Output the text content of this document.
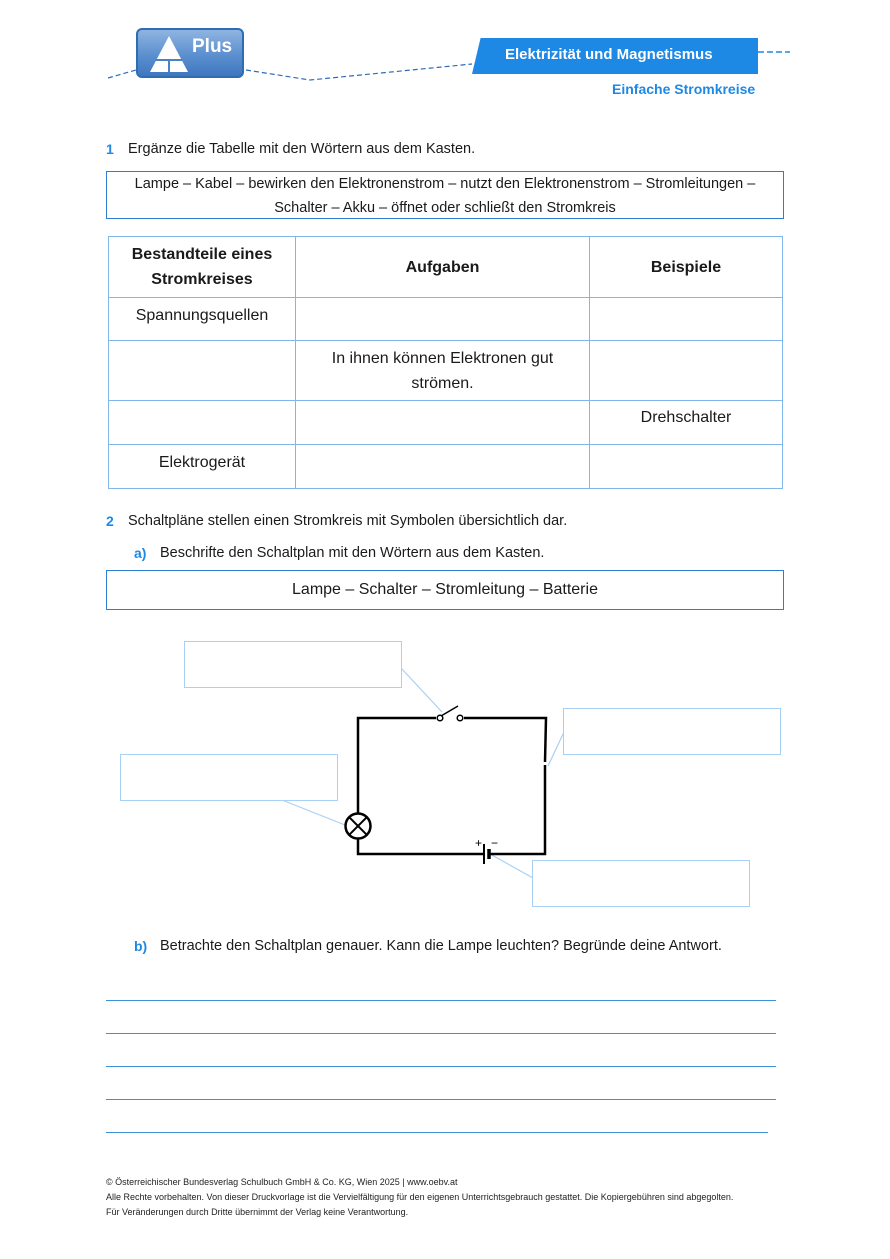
Plus	Elektrizität und Magnetismus
Einfache Stromkreise
1 Ergänze die Tabelle mit den Wörtern aus dem Kasten.
Lampe – Kabel – bewirken den Elektronenstrom – nutzt den Elektronenstrom – Stromleitungen –
Schalter – Akku – öffnet oder schließt den Stromkreis
Bestandteile eines Stromkreises	Aufgaben	Beispiele
Spannungsquellen		
	In ihnen können Elektronen gut strömen.	
		Drehschalter
Elektrogerät		
2 Schaltpläne stellen einen Stromkreis mit Symbolen übersichtlich dar.
a) Beschrifte den Schaltplan mit den Wörtern aus dem Kasten.
Lampe – Schalter – Stromleitung – Batterie
+ −
b) Betrachte den Schaltplan genauer. Kann die Lampe leuchten? Begründe deine Antwort.
© Österreichischer Bundesverlag Schulbuch GmbH & Co. KG, Wien 2025 | www.oebv.at
Alle Rechte vorbehalten. Von dieser Druckvorlage ist die Vervielfältigung für den eigenen Unterrichtsgebrauch gestattet. Die Kopiergebühren sind abgegolten.
Für Veränderungen durch Dritte übernimmt der Verlag keine Verantwortung.
